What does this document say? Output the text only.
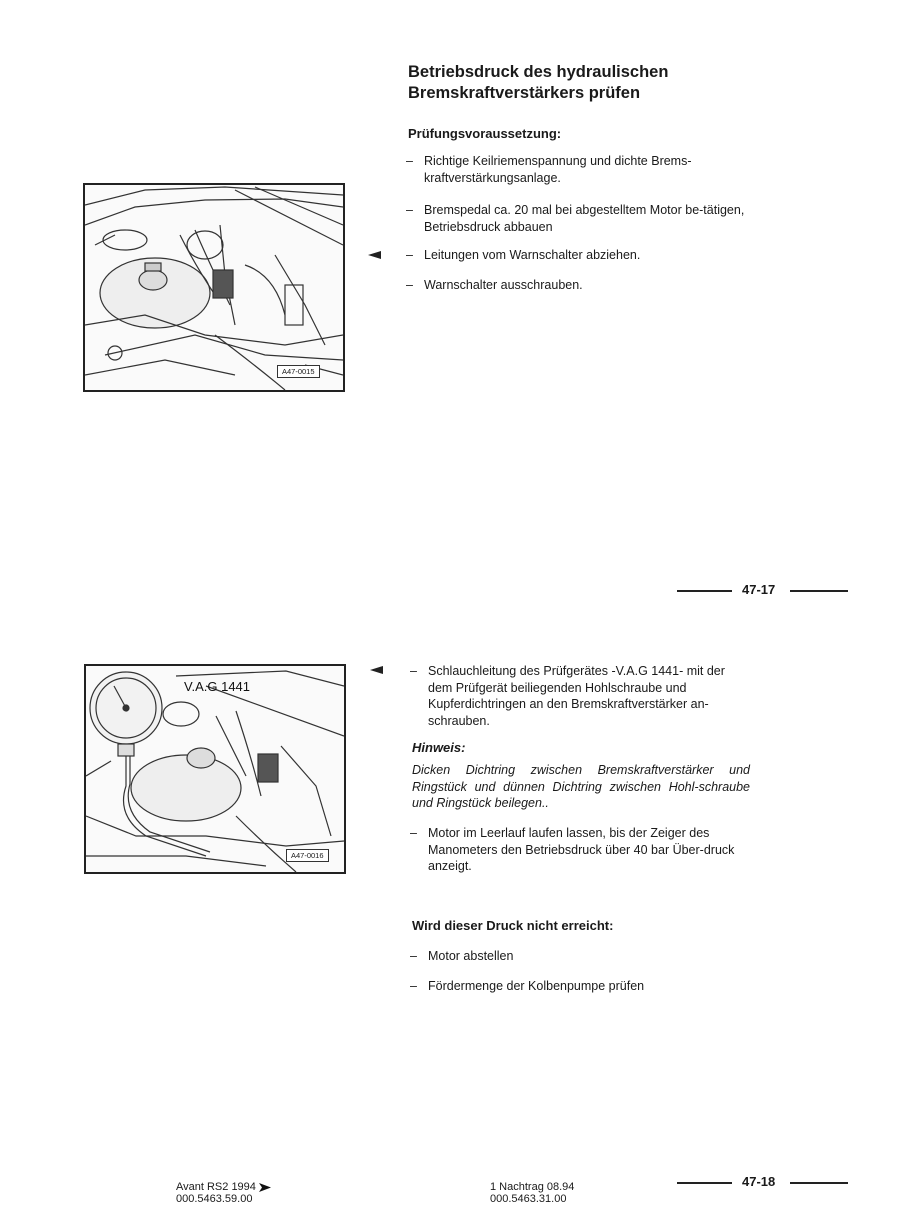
Betriebsdruck des hydraulischen Bremskraftverstärkers prüfen
Prüfungsvoraussetzung:
– Richtige Keilriemenspannung und dichte Brems-kraftverstärkungsanlage.
– Bremspedal ca. 20 mal bei abgestelltem Motor be-tätigen, Betriebsdruck abbauen
– Leitungen vom Warnschalter abziehen.
– Warnschalter ausschrauben.
A47-0015
47-17
– Schlauchleitung des Prüfgerätes -V.A.G 1441- mit der dem Prüfgerät beiliegenden Hohlschraube und Kupferdichtringen an den Bremskraftverstärker an-schrauben.
Hinweis:
Dicken Dichtring zwischen Bremskraftverstärker und Ringstück und dünnen Dichtring zwischen Hohl-schraube und Ringstück beilegen..
– Motor im Leerlauf laufen lassen, bis der Zeiger des Manometers den Betriebsdruck über 40 bar Über-druck anzeigt.
Wird dieser Druck nicht erreicht:
– Motor abstellen
– Fördermenge der Kolbenpumpe prüfen
V.A.G 1441
A47-0016
Avant RS2 1994
000.5463.59.00
1 Nachtrag 08.94
000.5463.31.00
47-18
